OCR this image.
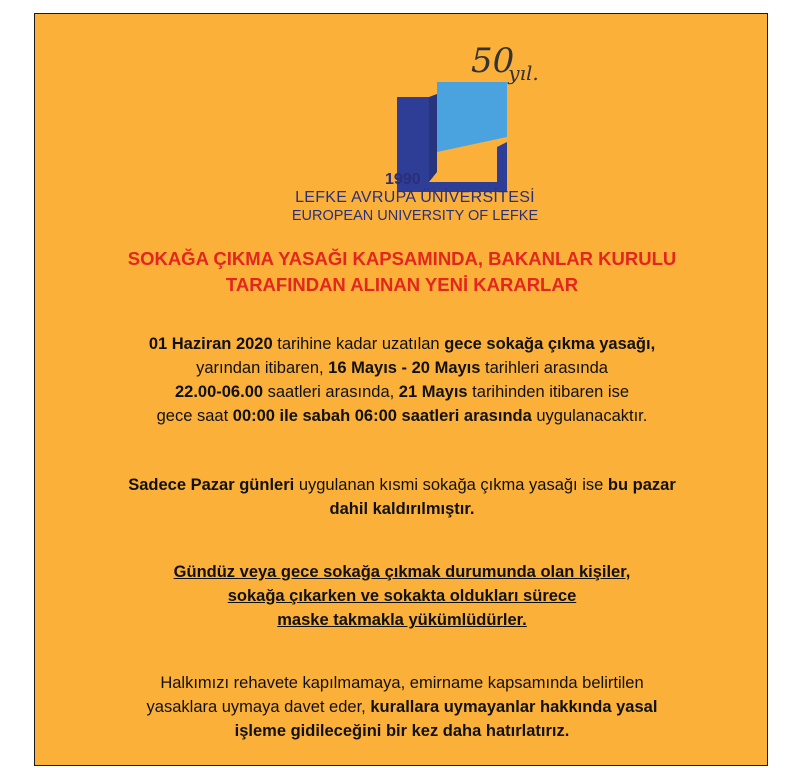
$50_{yıl.}$
1990
LEFKE AVRUPA ÜNİVERSİTESİ
EUROPEAN UNIVERSITY OF LEFKE
SOKAĞA ÇIKMA YASAĞI KAPSAMINDA, BAKANLAR KURULU
TARAFINDAN ALINAN YENİ KARARLAR
01 Haziran 2020 tarihine kadar uzatılan gece sokağa çıkma yasağı,
yarından itibaren, 16 Mayıs - 20 Mayıs tarihleri arasında
22.00-06.00 saatleri arasında, 21 Mayıs tarihinden itibaren ise
gece saat 00:00 ile sabah 06:00 saatleri arasında uygulanacaktır.
Sadece Pazar günleri uygulanan kısmi sokağa çıkma yasağı ise bu pazar
dahil kaldırılmıştır.
Gündüz veya gece sokağa çıkmak durumunda olan kişiler,
sokağa çıkarken ve sokakta oldukları sürece
maske takmakla yükümlüdürler.
Halkımızı rehavete kapılmamaya, emirname kapsamında belirtilen
yasaklara uymaya davet eder, kurallara uymayanlar hakkında yasal
işleme gidileceğini bir kez daha hatırlatırız.
